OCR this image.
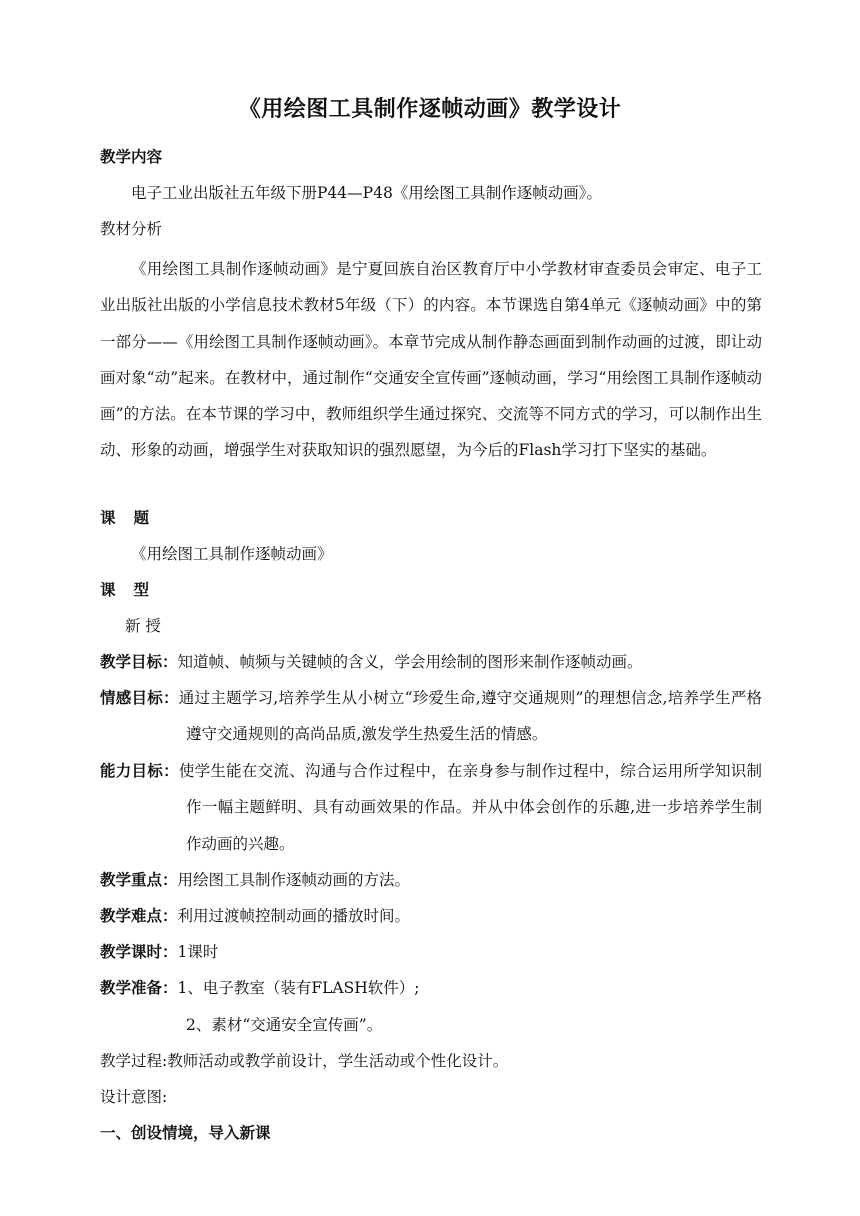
《用绘图工具制作逐帧动画》教学设计
教学内容
电子工业出版社五年级下册P44—P48《用绘图工具制作逐帧动画》。
教材分析
《用绘图工具制作逐帧动画》是宁夏回族自治区教育厅中小学教材审查委员会审定、电子工业出版社出版的小学信息技术教材5年级（下）的内容。本节课选自第4单元《逐帧动画》中的第一部分——《用绘图工具制作逐帧动画》。本章节完成从制作静态画面到制作动画的过渡，即让动画对象“动”起来。在教材中，通过制作“交通安全宣传画”逐帧动画，学习“用绘图工具制作逐帧动画”的方法。在本节课的学习中，教师组织学生通过探究、交流等不同方式的学习，可以制作出生动、形象的动画，增强学生对获取知识的强烈愿望，为今后的Flash学习打下坚实的基础。
课题
《用绘图工具制作逐帧动画》
课型
新 授
教学目标：知道帧、帧频与关键帧的含义，学会用绘制的图形来制作逐帧动画。
情感目标：通过主题学习,培养学生从小树立“珍爱生命,遵守交通规则”的理想信念,培养学生严格遵守交通规则的高尚品质,激发学生热爱生活的情感。
能力目标：使学生能在交流、沟通与合作过程中，在亲身参与制作过程中，综合运用所学知识制作一幅主题鲜明、具有动画效果的作品。并从中体会创作的乐趣,进一步培养学生制作动画的兴趣。
教学重点：用绘图工具制作逐帧动画的方法。
教学难点：利用过渡帧控制动画的播放时间。
教学课时：1课时
教学准备：1、电子教室（装有FLASH软件）;
2、素材“交通安全宣传画”。
教学过程:教师活动或教学前设计，学生活动或个性化设计。
设计意图:
一、创设情境，导入新课
